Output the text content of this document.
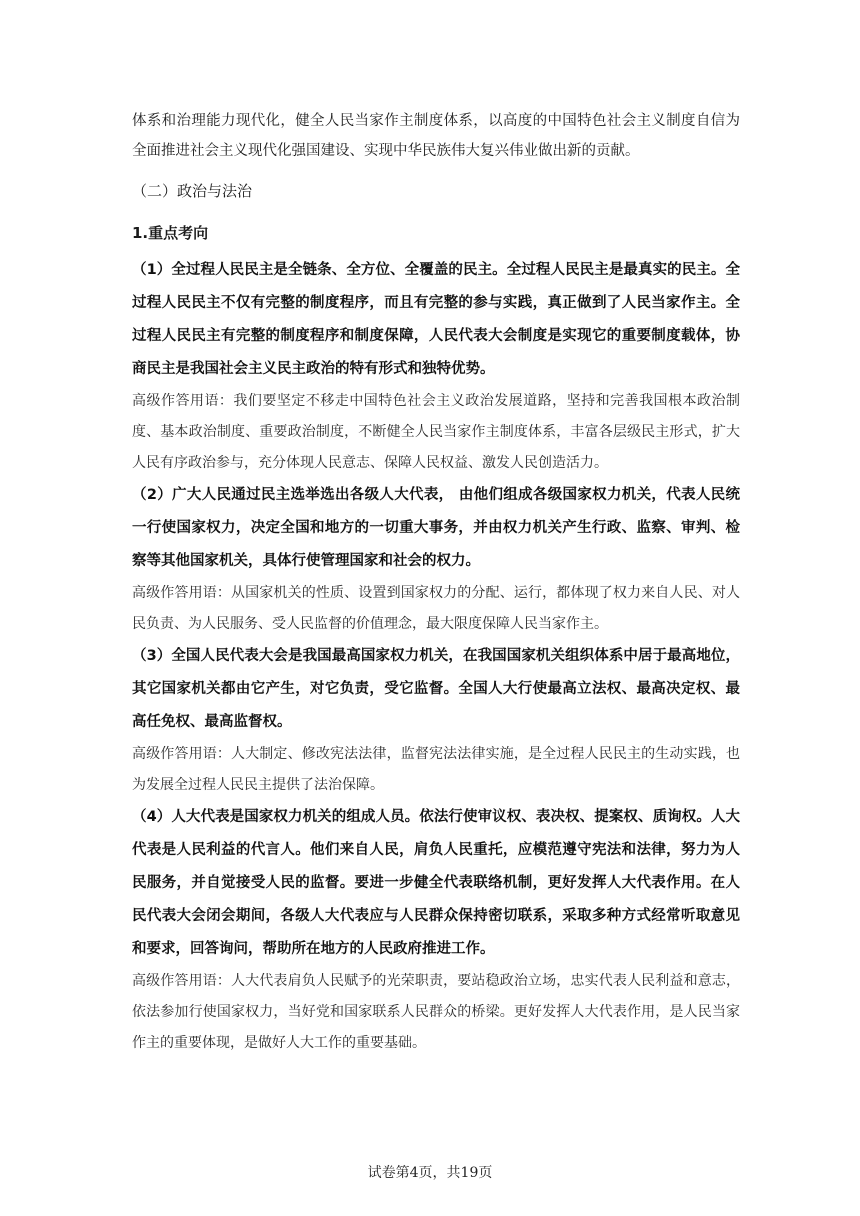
体系和治理能力现代化，健全人民当家作主制度体系，以高度的中国特色社会主义制度自信为全面推进社会主义现代化强国建设、实现中华民族伟大复兴伟业做出新的贡献。

（二）政治与法治

1.重点考向

（1）全过程人民民主是全链条、全方位、全覆盖的民主。全过程人民民主是最真实的民主。全过程人民民主不仅有完整的制度程序，而且有完整的参与实践，真正做到了人民当家作主。全过程人民民主有完整的制度程序和制度保障，人民代表大会制度是实现它的重要制度载体，协商民主是我国社会主义民主政治的特有形式和独特优势。

高级作答用语：我们要坚定不移走中国特色社会主义政治发展道路，坚持和完善我国根本政治制度、基本政治制度、重要政治制度，不断健全人民当家作主制度体系，丰富各层级民主形式，扩大人民有序政治参与，充分体现人民意志、保障人民权益、激发人民创造活力。

（2）广大人民通过民主选举选出各级人大代表， 由他们组成各级国家权力机关，代表人民统一行使国家权力，决定全国和地方的一切重大事务，并由权力机关产生行政、监察、审判、检察等其他国家机关，具体行使管理国家和社会的权力。

高级作答用语：从国家机关的性质、设置到国家权力的分配、运行，都体现了权力来自人民、对人民负责、为人民服务、受人民监督的价值理念，最大限度保障人民当家作主。

（3）全国人民代表大会是我国最高国家权力机关，在我国国家机关组织体系中居于最高地位，其它国家机关都由它产生，对它负责，受它监督。全国人大行使最高立法权、最高决定权、最高任免权、最高监督权。

高级作答用语：人大制定、修改宪法法律，监督宪法法律实施，是全过程人民民主的生动实践，也为发展全过程人民民主提供了法治保障。

（4）人大代表是国家权力机关的组成人员。依法行使审议权、表决权、提案权、质询权。人大代表是人民利益的代言人。他们来自人民，肩负人民重托，应模范遵守宪法和法律，努力为人民服务，并自觉接受人民的监督。要进一步健全代表联络机制，更好发挥人大代表作用。在人民代表大会闭会期间，各级人大代表应与人民群众保持密切联系，采取多种方式经常听取意见和要求，回答询问，帮助所在地方的人民政府推进工作。

高级作答用语：人大代表肩负人民赋予的光荣职责，要站稳政治立场，忠实代表人民利益和意志，依法参加行使国家权力，当好党和国家联系人民群众的桥梁。更好发挥人大代表作用，是人民当家作主的重要体现，是做好人大工作的重要基础。

试卷第4页，共19页
